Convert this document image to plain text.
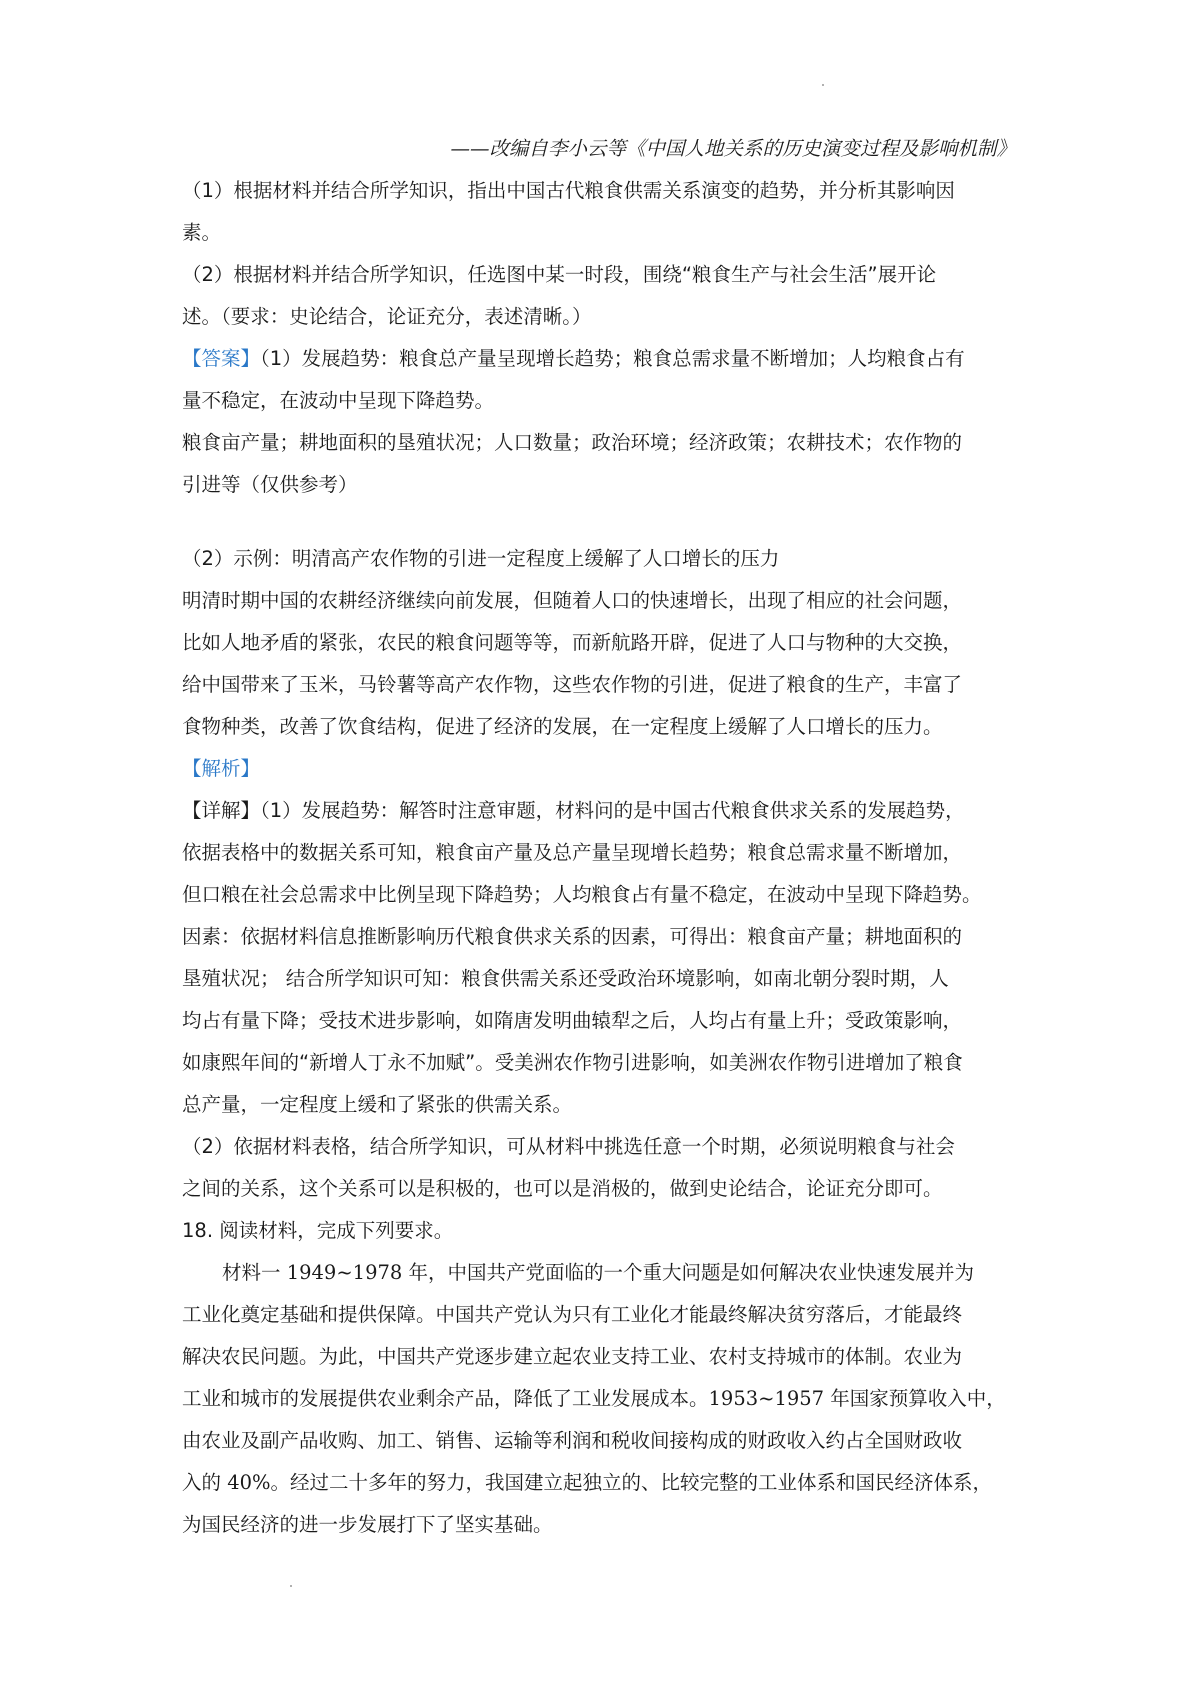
——改编自李小云等《中国人地关系的历史演变过程及影响机制》
（1）根据材料并结合所学知识，指出中国古代粮食供需关系演变的趋势，并分析其影响因
素。
（2）根据材料并结合所学知识，任选图中某一时段，围绕“粮食生产与社会生活”展开论
述。（要求：史论结合，论证充分，表述清晰。）
【答案】（1）发展趋势：粮食总产量呈现增长趋势；粮食总需求量不断增加；人均粮食占有
量不稳定，在波动中呈现下降趋势。
粮食亩产量；耕地面积的垦殖状况；人口数量；政治环境；经济政策；农耕技术；农作物的
引进等（仅供参考）
（2）示例：明清高产农作物的引进一定程度上缓解了人口增长的压力
明清时期中国的农耕经济继续向前发展，但随着人口的快速增长，出现了相应的社会问题，
比如人地矛盾的紧张，农民的粮食问题等等，而新航路开辟，促进了人口与物种的大交换，
给中国带来了玉米，马铃薯等高产农作物，这些农作物的引进，促进了粮食的生产，丰富了
食物种类，改善了饮食结构，促进了经济的发展，在一定程度上缓解了人口增长的压力。
【解析】
【详解】（1）发展趋势：解答时注意审题，材料问的是中国古代粮食供求关系的发展趋势，
依据表格中的数据关系可知，粮食亩产量及总产量呈现增长趋势；粮食总需求量不断增加，
但口粮在社会总需求中比例呈现下降趋势；人均粮食占有量不稳定，在波动中呈现下降趋势。
因素：依据材料信息推断影响历代粮食供求关系的因素，可得出：粮食亩产量；耕地面积的
垦殖状况； 结合所学知识可知：粮食供需关系还受政治环境影响，如南北朝分裂时期，人
均占有量下降；受技术进步影响，如隋唐发明曲辕犁之后，人均占有量上升；受政策影响，
如康熙年间的“新增人丁永不加赋”。受美洲农作物引进影响，如美洲农作物引进增加了粮食
总产量，一定程度上缓和了紧张的供需关系。
（2）依据材料表格，结合所学知识，可从材料中挑选任意一个时期，必须说明粮食与社会
之间的关系，这个关系可以是积极的，也可以是消极的，做到史论结合，论证充分即可。
18. 阅读材料，完成下列要求。
材料一 1949~1978 年，中国共产党面临的一个重大问题是如何解决农业快速发展并为
工业化奠定基础和提供保障。中国共产党认为只有工业化才能最终解决贫穷落后，才能最终
解决农民问题。为此，中国共产党逐步建立起农业支持工业、农村支持城市的体制。农业为
工业和城市的发展提供农业剩余产品，降低了工业发展成本。1953~1957 年国家预算收入中，
由农业及副产品收购、加工、销售、运输等利润和税收间接构成的财政收入约占全国财政收
入的 40%。经过二十多年的努力，我国建立起独立的、比较完整的工业体系和国民经济体系，
为国民经济的进一步发展打下了坚实基础。
